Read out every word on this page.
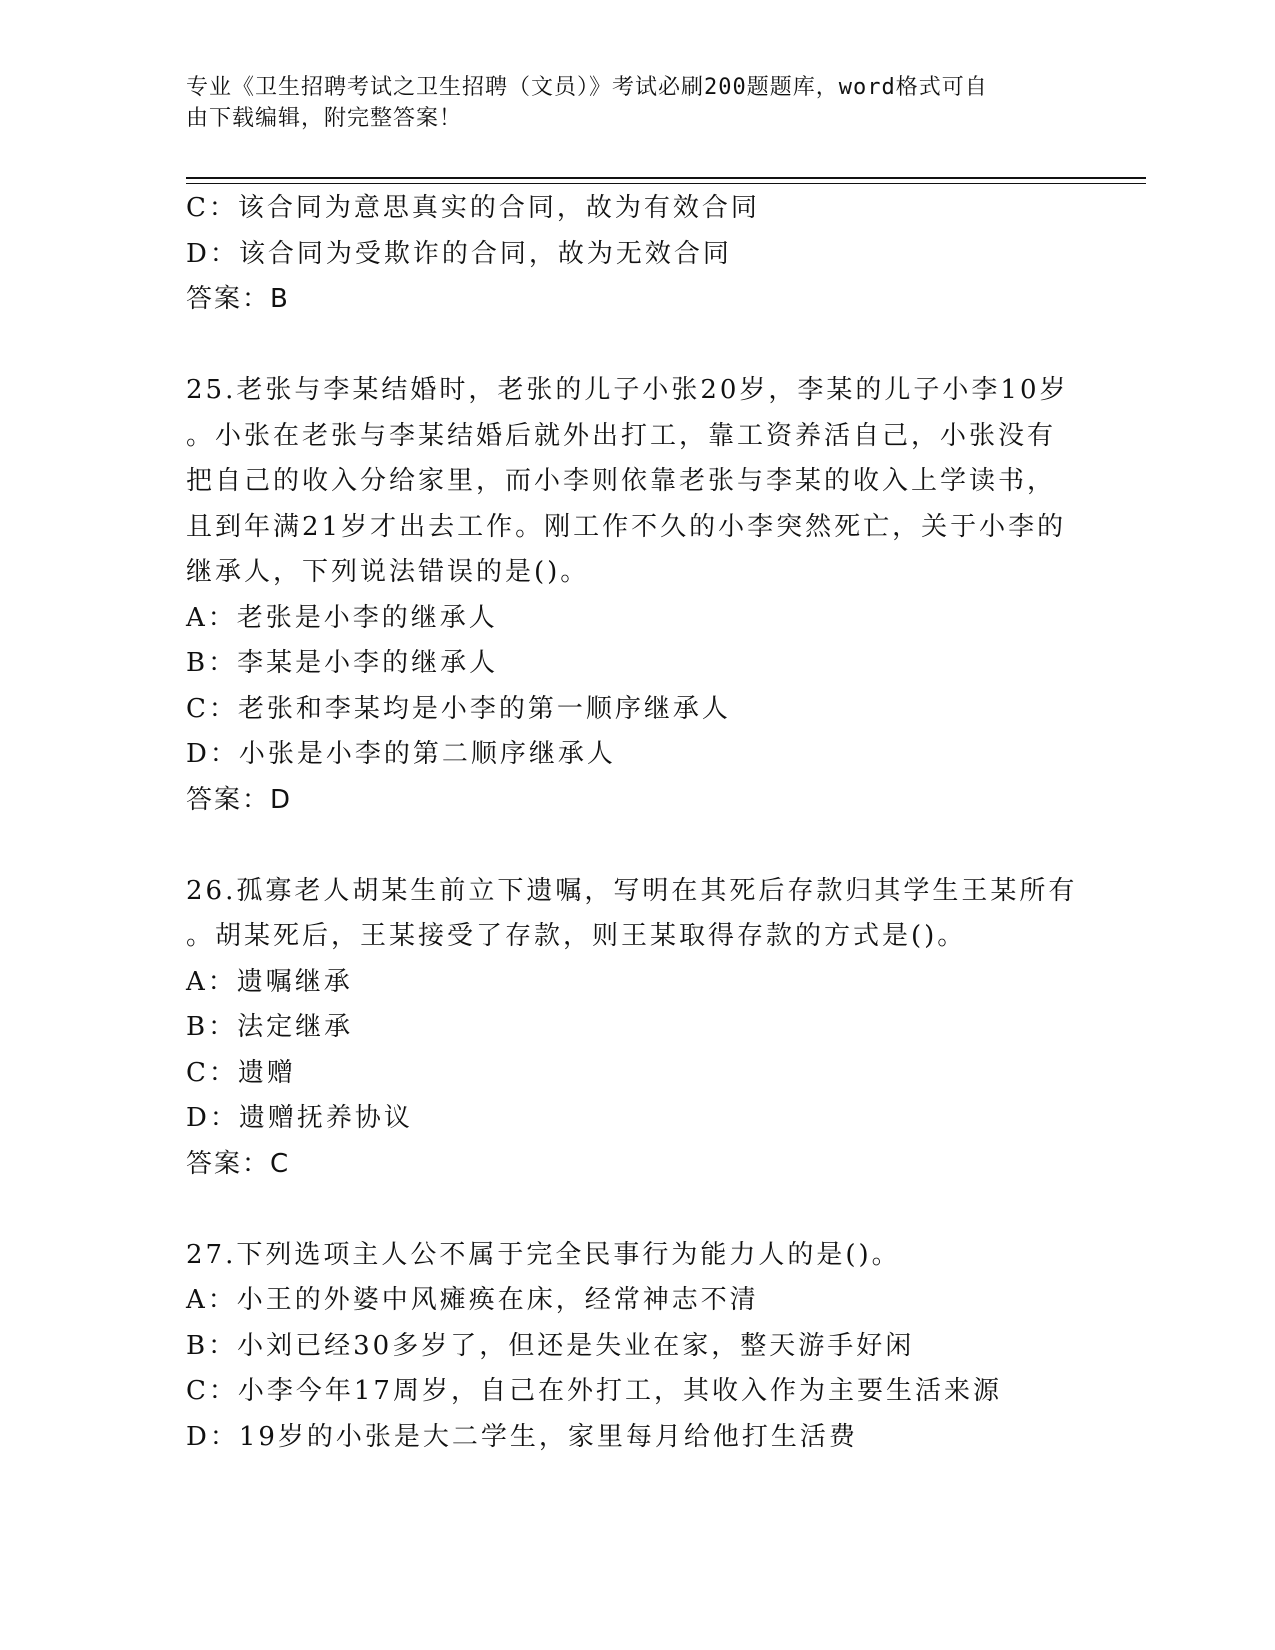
专业《卫生招聘考试之卫生招聘（文员）》考试必刷200题题库，word格式可自
由下载编辑，附完整答案！
C：该合同为意思真实的合同，故为有效合同
D：该合同为受欺诈的合同，故为无效合同
答案：B
25.老张与李某结婚时，老张的儿子小张20岁，李某的儿子小李10岁
。小张在老张与李某结婚后就外出打工，靠工资养活自己，小张没有
把自己的收入分给家里，而小李则依靠老张与李某的收入上学读书，
且到年满21岁才出去工作。刚工作不久的小李突然死亡，关于小李的
继承人，下列说法错误的是()。
A：老张是小李的继承人
B：李某是小李的继承人
C：老张和李某均是小李的第一顺序继承人
D：小张是小李的第二顺序继承人
答案：D
26.孤寡老人胡某生前立下遗嘱，写明在其死后存款归其学生王某所有
。胡某死后，王某接受了存款，则王某取得存款的方式是()。
A：遗嘱继承
B：法定继承
C：遗赠
D：遗赠抚养协议
答案：C
27.下列选项主人公不属于完全民事行为能力人的是()。
A：小王的外婆中风瘫痪在床，经常神志不清
B：小刘已经30多岁了，但还是失业在家，整天游手好闲
C：小李今年17周岁，自己在外打工，其收入作为主要生活来源
D：19岁的小张是大二学生，家里每月给他打生活费
